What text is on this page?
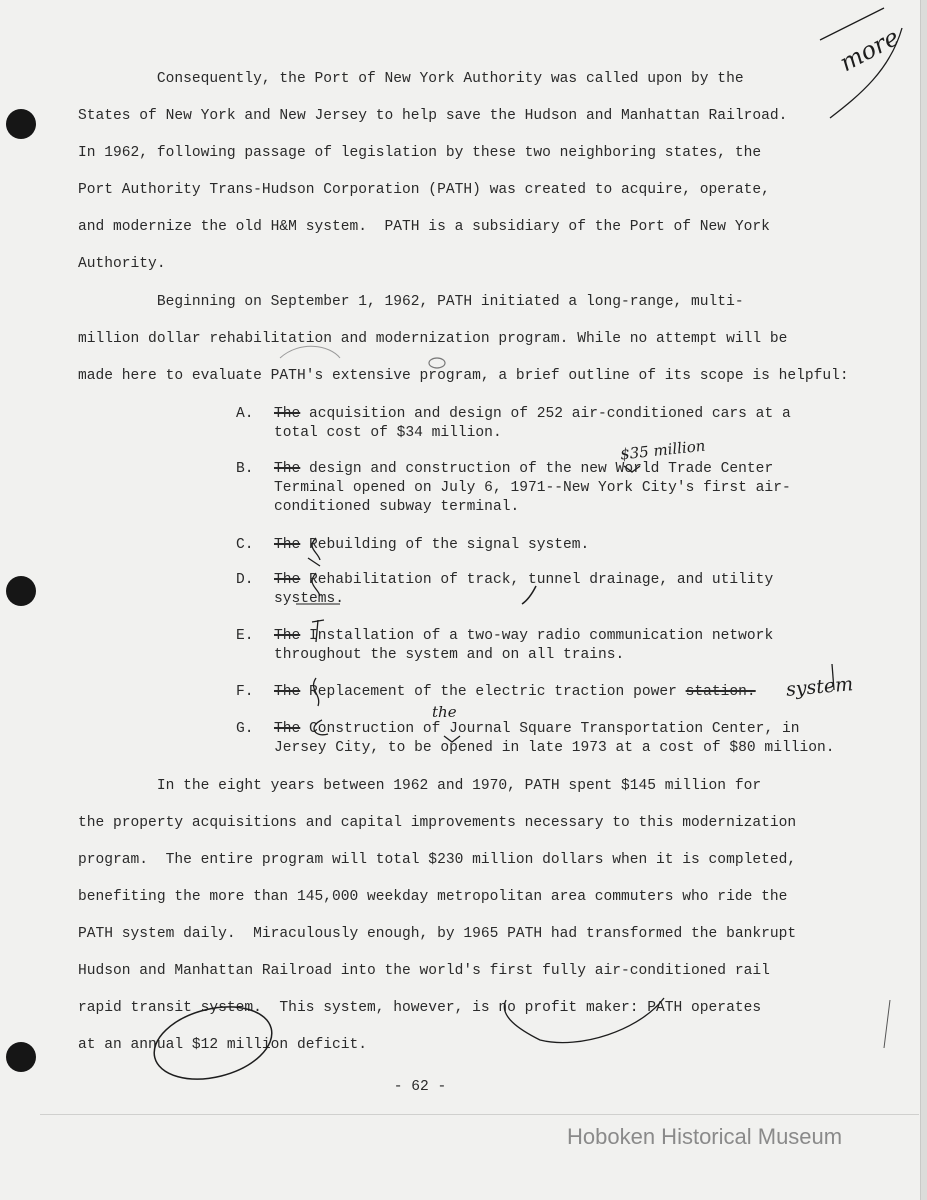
Consequently, the Port of New York Authority was called upon by the
States of New York and New Jersey to help save the Hudson and Manhattan Railroad.
In 1962, following passage of legislation by these two neighboring states, the
Port Authority Trans-Hudson Corporation (PATH) was created to acquire, operate,
and modernize the old H&M system.  PATH is a subsidiary of the Port of New York
Authority.
Beginning on September 1, 1962, PATH initiated a long-range, multi-
million dollar rehabilitation and modernization program. While no attempt will be
made here to evaluate PATH's extensive program, a brief outline of its scope is helpful:
A.	The acquisition and design of 252 air-conditioned cars at a
total cost of $34 million.
B.	The design and construction of the new World Trade Center
Terminal opened on July 6, 1971--New York City's first air-
conditioned subway terminal.
C.	The Rebuilding of the signal system.
D.	The Rehabilitation of track, tunnel drainage, and utility
systems.
E.	The Installation of a two-way radio communication network
throughout the system and on all trains.
F.	The Replacement of the electric traction power station.
G.	The Construction of Journal Square Transportation Center, in
Jersey City, to be opened in late 1973 at a cost of $80 million.
In the eight years between 1962 and 1970, PATH spent $145 million for
the property acquisitions and capital improvements necessary to this modernization
program.  The entire program will total $230 million dollars when it is completed,
benefiting the more than 145,000 weekday metropolitan area commuters who ride the
PATH system daily.  Miraculously enough, by 1965 PATH had transformed the bankrupt
Hudson and Manhattan Railroad into the world's first fully air-conditioned rail
rapid transit system.  This system, however, is no profit maker: PATH operates
at an annual $12 million deficit.
more
$35 million
system
the
- 62 -
Hoboken Historical Museum
